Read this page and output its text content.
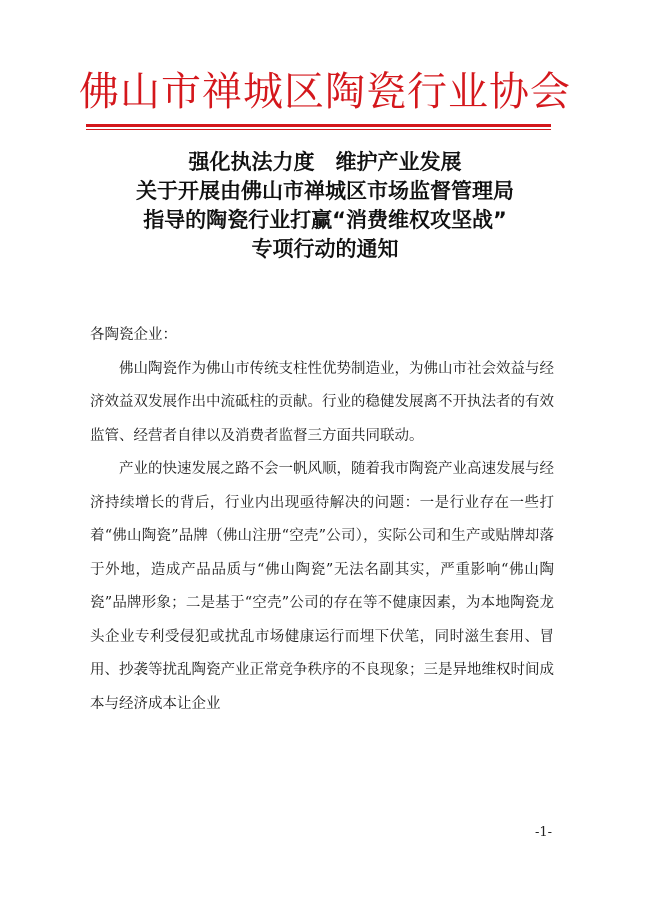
佛山市禅城区陶瓷行业协会
强化执法力度　维护产业发展
关于开展由佛山市禅城区市场监督管理局
指导的陶瓷行业打赢“消费维权攻坚战”
专项行动的通知

各陶瓷企业：

佛山陶瓷作为佛山市传统支柱性优势制造业，为佛山市社会效益与经济效益双发展作出中流砥柱的贡献。行业的稳健发展离不开执法者的有效监管、经营者自律以及消费者监督三方面共同联动。

产业的快速发展之路不会一帆风顺，随着我市陶瓷产业高速发展与经济持续增长的背后，行业内出现亟待解决的问题：一是行业存在一些打着“佛山陶瓷”品牌（佛山注册“空壳”公司），实际公司和生产或贴牌却落于外地，造成产品品质与“佛山陶瓷”无法名副其实，严重影响“佛山陶瓷”品牌形象；二是基于“空壳”公司的存在等不健康因素，为本地陶瓷龙头企业专利受侵犯或扰乱市场健康运行而埋下伏笔，同时滋生套用、冒用、抄袭等扰乱陶瓷产业正常竞争秩序的不良现象；三是异地维权时间成本与经济成本让企业

-1-
